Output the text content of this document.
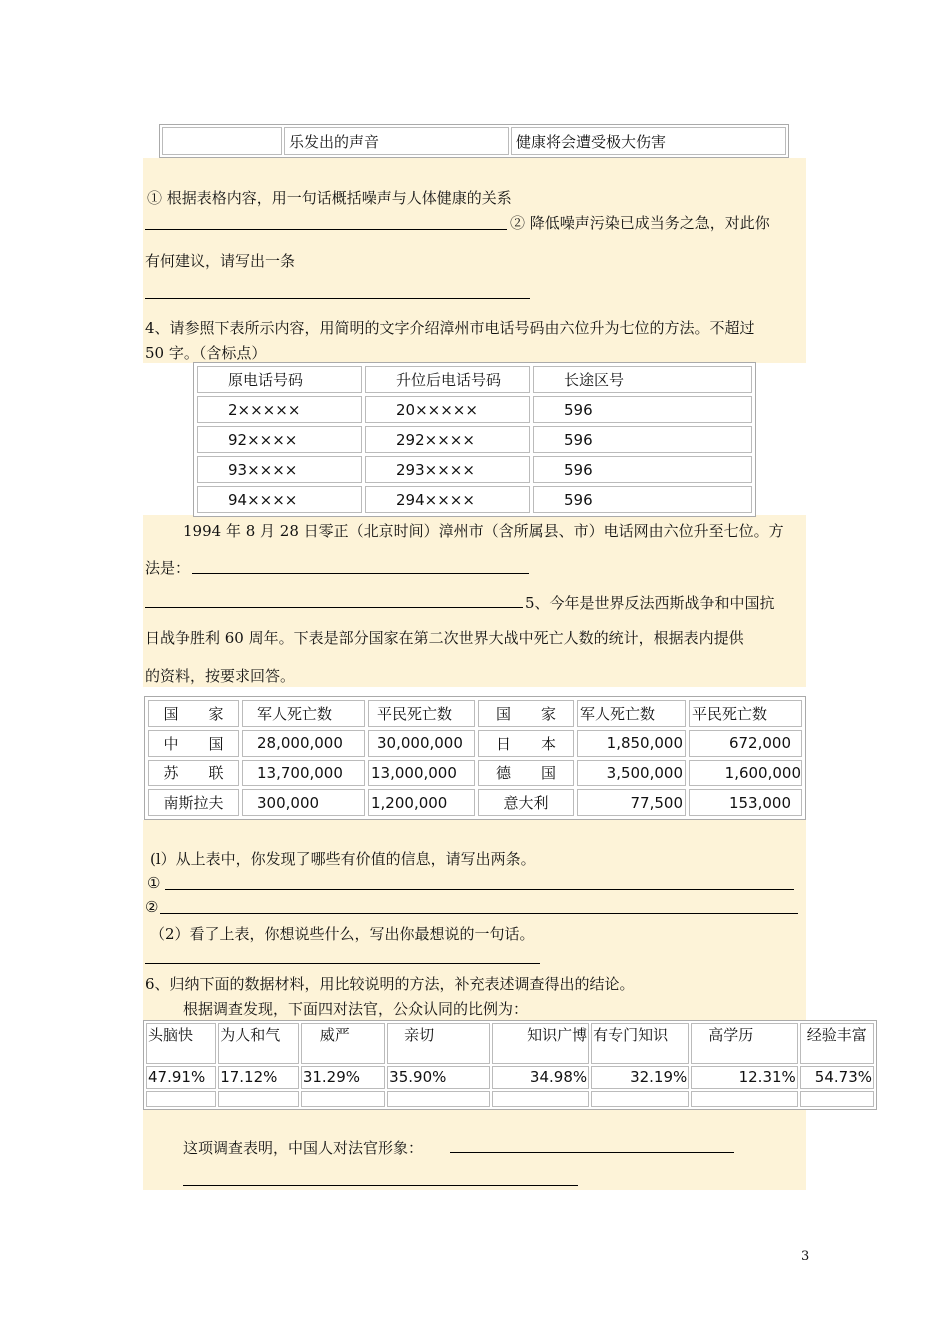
	乐发出的声音	健康将会遭受极大伤害
① 根据表格内容，用一句话概括噪声与人体健康的关系
② 降低噪声污染已成当务之急，对此你
有何建议，请写出一条
4、请参照下表所示内容，用简明的文字介绍漳州市电话号码由六位升为七位的方法。不超过
50 字。（含标点）
原电话号码	升位后电话号码	长途区号
2×××××	20×××××	596
92××××	292××××	596
93××××	293××××	596
94××××	294××××	596
1994 年 8 月 28 日零正（北京时间）漳州市（含所属县、市）电话网由六位升至七位。方
法是：
5、今年是世界反法西斯战争和中国抗
日战争胜利 60 周年。下表是部分国家在第二次世界大战中死亡人数的统计，根据表内提供
的资料，按要求回答。
国　　家	军人死亡数	平民死亡数	国　　家	军人死亡数	平民死亡数
中　　国	28,000,000	30,000,000	日　　本	1,850,000	672,000
苏　　联	13,700,000	13,000,000	德　　国	3,500,000	1,600,000
南斯拉夫	300,000	1,200,000	意大利	77,500	153,000
(l）从上表中，你发现了哪些有价值的信息，请写出两条。
①
②
（2）看了上表，你想说些什么，写出你最想说的一句话。
6、归纳下面的数据材料，用比较说明的方法，补充表述调查得出的结论。
根据调查发现，下面四对法官，公众认同的比例为：
头脑快	为人和气	威严	亲切	知识广博	有专门知识	高学历	经验丰富
47.91%	17.12%	31.29%	35.90%	34.98%	32.19%	12.31%	54.73%

这项调查表明，中国人对法官形象：
3
